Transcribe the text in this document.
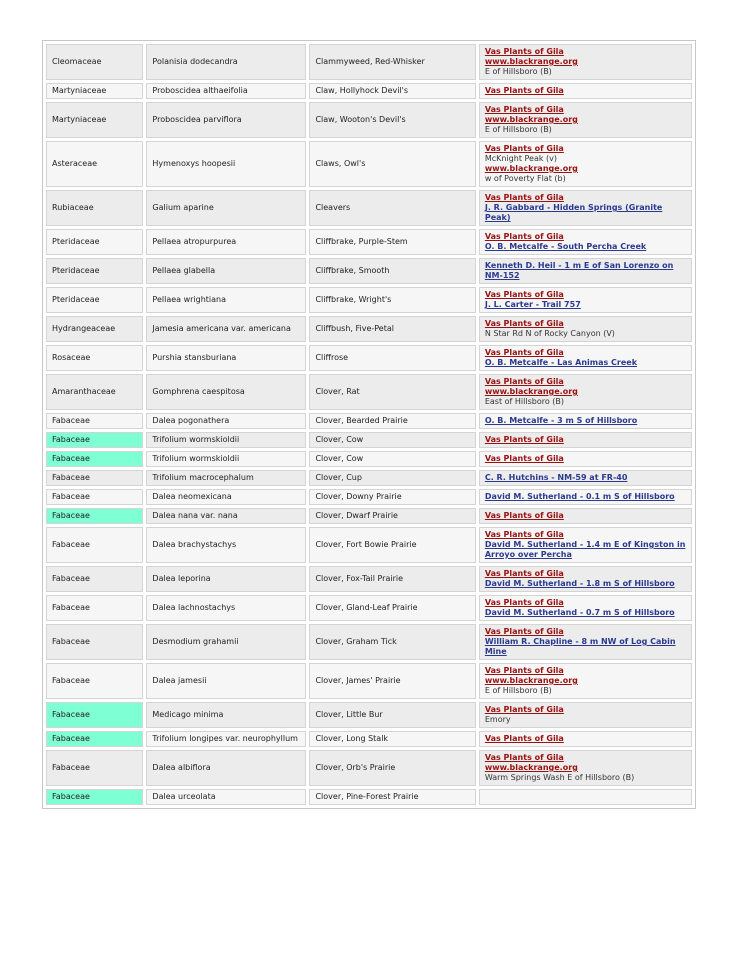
Cleomaceae	Polanisia dodecandra	Clammyweed, Red-Whisker	Vas Plants of Gila
www.blackrange.org
E of Hillsboro (B)

Martyniaceae	Proboscidea althaeifolia	Claw, Hollyhock Devil's	Vas Plants of Gila

Martyniaceae	Proboscidea parviflora	Claw, Wooton's Devil's	Vas Plants of Gila
www.blackrange.org
E of Hillsboro (B)

Asteraceae	Hymenoxys hoopesii	Claws, Owl's	Vas Plants of Gila
McKnight Peak (v)
www.blackrange.org
w of Poverty Flat (b)

Rubiaceae	Galium aparine	Cleavers	Vas Plants of Gila
J. R. Gabbard - Hidden Springs (Granite Peak)

Pteridaceae	Pellaea atropurpurea	Cliffbrake, Purple-Stem	Vas Plants of Gila
O. B. Metcalfe - South Percha Creek

Pteridaceae	Pellaea glabella	Cliffbrake, Smooth	Kenneth D. Heil - 1 m E of San Lorenzo on NM-152

Pteridaceae	Pellaea wrightiana	Cliffbrake, Wright's	Vas Plants of Gila
J. L. Carter - Trail 757

Hydrangeaceae	Jamesia americana var. americana	Cliffbush, Five-Petal	Vas Plants of Gila
N Star Rd N of Rocky Canyon (V)

Rosaceae	Purshia stansburiana	Cliffrose	Vas Plants of Gila
O. B. Metcalfe - Las Animas Creek

Amaranthaceae	Gomphrena caespitosa	Clover, Rat	Vas Plants of Gila
www.blackrange.org
East of Hillsboro (B)

Fabaceae	Dalea pogonathera	Clover, Bearded Prairie	O. B. Metcalfe - 3 m S of Hillsboro

Fabaceae	Trifolium wormskioldii	Clover, Cow	Vas Plants of Gila

Fabaceae	Trifolium wormskioldii	Clover, Cow	Vas Plants of Gila

Fabaceae	Trifolium macrocephalum	Clover, Cup	C. R. Hutchins - NM-59 at FR-40

Fabaceae	Dalea neomexicana	Clover, Downy Prairie	David M. Sutherland - 0.1 m S of Hillsboro

Fabaceae	Dalea nana var. nana	Clover, Dwarf Prairie	Vas Plants of Gila

Fabaceae	Dalea brachystachys	Clover, Fort Bowie Prairie	Vas Plants of Gila
David M. Sutherland - 1.4 m E of Kingston in Arroyo over Percha

Fabaceae	Dalea leporina	Clover, Fox-Tail Prairie	Vas Plants of Gila
David M. Sutherland - 1.8 m S of Hillsboro

Fabaceae	Dalea lachnostachys	Clover, Gland-Leaf Prairie	Vas Plants of Gila
David M. Sutherland - 0.7 m S of Hillsboro

Fabaceae	Desmodium grahamii	Clover, Graham Tick	Vas Plants of Gila
William R. Chapline - 8 m NW of Log Cabin Mine

Fabaceae	Dalea jamesii	Clover, James' Prairie	Vas Plants of Gila
www.blackrange.org
E of Hillsboro (B)

Fabaceae	Medicago minima	Clover, Little Bur	Vas Plants of Gila
Emory

Fabaceae	Trifolium longipes var. neurophyllum	Clover, Long Stalk	Vas Plants of Gila

Fabaceae	Dalea albiflora	Clover, Orb's Prairie	Vas Plants of Gila
www.blackrange.org
Warm Springs Wash E of Hillsboro (B)

Fabaceae	Dalea urceolata	Clover, Pine-Forest Prairie	
